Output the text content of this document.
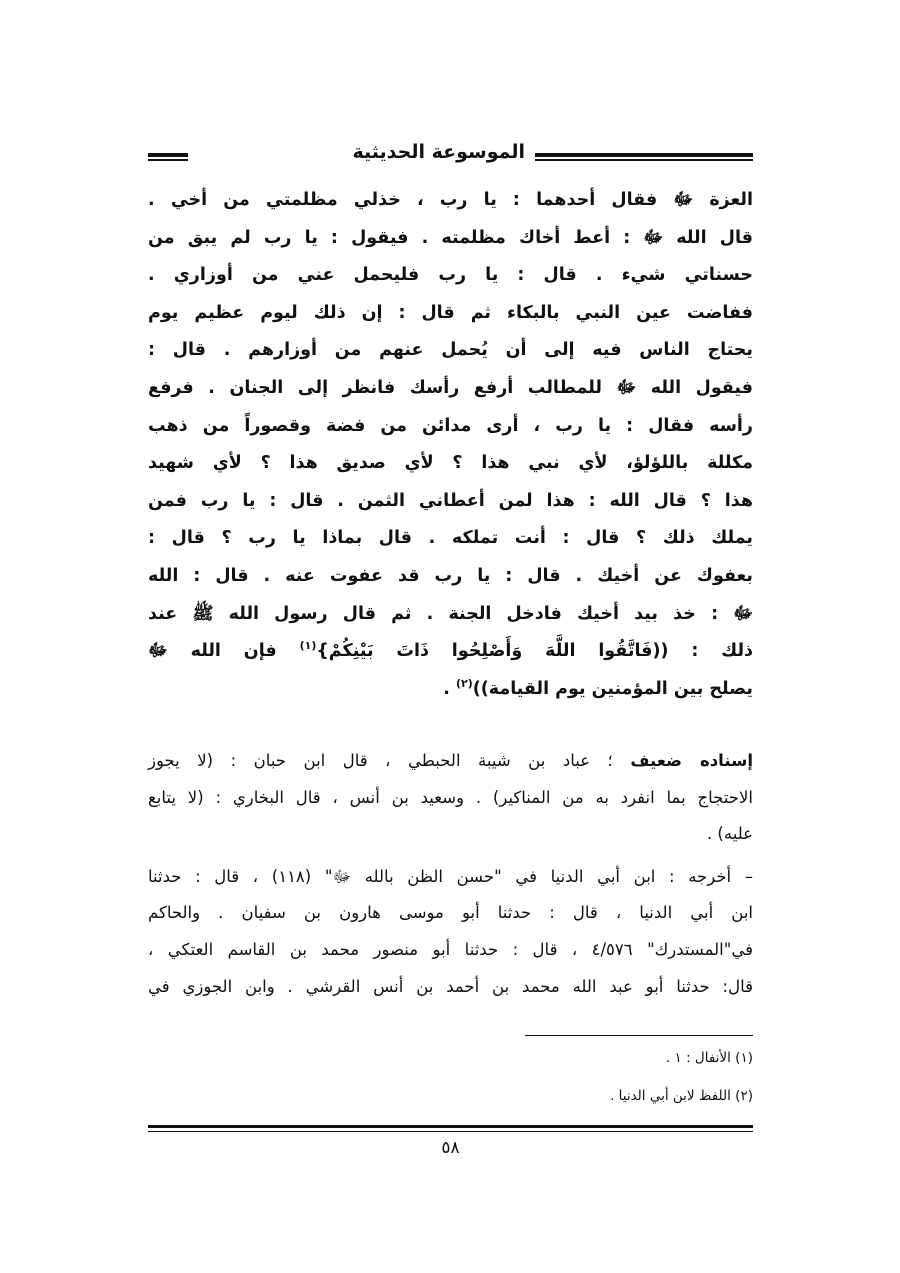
الموسوعة الحديثية
العزة ﷻ فقال أحدهما : يا رب ، خذلي مظلمتي من أخي .
قال الله ﷻ : أعط أخاك مظلمته . فيقول : يا رب لم يبق من
حسناتي شيء . قال : يا رب فليحمل عني من أوزاري .
ففاضت عين النبي بالبكاء ثم قال : إن ذلك ليوم عظيم يوم
يحتاج الناس فيه إلى أن يُحمل عنهم من أوزارهم . قال :
فيقول الله ﷻ للمطالب أرفع رأسك فانظر إلى الجنان . فرفع
رأسه فقال : يا رب ، أرى مدائن من فضة وقصوراً من ذهب
مكللة باللؤلؤ، لأي نبي هذا ؟ لأي صديق هذا ؟ لأي شهيد
هذا ؟ قال الله : هذا لمن أعطاني الثمن . قال : يا رب فمن
يملك ذلك ؟ قال : أنت تملكه . قال بماذا يا رب ؟ قال :
بعفوك عن أخيك . قال : يا رب قد عفوت عنه . قال : الله
ﷻ : خذ بيد أخيك فادخل الجنة . ثم قال رسول الله ﷺ عند
ذلك : ((فَاتَّقُوا اللَّهَ وَأَصْلِحُوا ذَاتَ بَيْنِكُمْ}$^{(١)}$ فإن الله ﷻ
يصلح بين المؤمنين يوم القيامة))$^{(٢)}$ .
إسناده ضعيف ؛ عباد بن شيبة الحبطي ، قال ابن حبان : (لا يجوز
الاحتجاج بما انفرد به من المناكير) . وسعيد بن أنس ، قال البخاري : (لا يتابع
عليه) .
– أخرجه : ابن أبي الدنيا في "حسن الظن بالله ﷻ" (١١٨) ، قال : حدثنا
ابن أبي الدنيا ، قال : حدثنا أبو موسى هارون بن سفيان . والحاكم
في"المستدرك" ٤/٥٧٦ ، قال : حدثنا أبو منصور محمد بن القاسم العتكي ،
قال: حدثنا أبو عبد الله محمد بن أحمد بن أنس القرشي . وابن الجوزي في
(١) الأنفال : ١ .
(٢) اللفظ لابن أبي الدنيا .
٥٨
